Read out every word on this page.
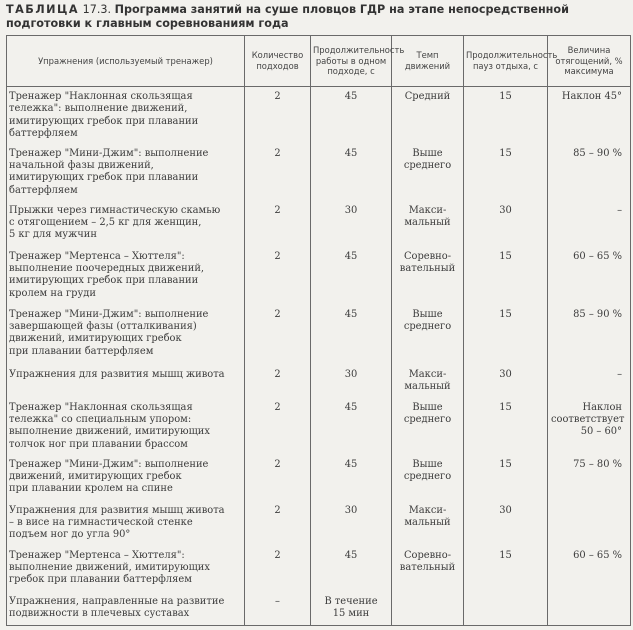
ТАБЛИЦА 17.3. Программа занятий на суше пловцов ГДР на этапе непосредственной подготовки к главным соревнованиям года
Упражнения (используемый тренажер)	Количество подходов	Продолжительность работы в одном подходе, с	Темп движений	Продолжительность пауз отдыха, с	Величина отягощений, % максимума
Тренажер "Наклонная скользящая
тележка": выполнение движений,
имитирующих гребок при плавании
баттерфляем	2	45	Средний	15	Наклон 45°
Тренажер "Мини-Джим": выполнение
начальной фазы движений,
имитирующих гребок при плавании
баттерфляем	2	45	Выше
среднего	15	85 – 90 %
Прыжки через гимнастическую скамью
с отягощением – 2,5 кг для женщин,
5 кг для мужчин	2	30	Макси-
мальный	30	–
Тренажер "Мертенса – Хюттеля":
выполнение поочередных движений,
имитирующих гребок при плавании
кролем на груди	2	45	Соревно-
вательный	15	60 – 65 %
Тренажер "Мини-Джим": выполнение
завершающей фазы (отталкивания)
движений, имитирующих гребок
при плавании баттерфляем	2	45	Выше
среднего	15	85 – 90 %
Упражнения для развития мышц живота	2	30	Макси-
мальный	30	–
Тренажер "Наклонная скользящая
тележка" со специальным упором:
выполнение движений, имитирующих
толчок ног при плавании брассом	2	45	Выше
среднего	15	Наклон
соответствует
50 – 60°
Тренажер "Мини-Джим": выполнение
движений, имитирующих гребок
при плавании кролем на спине	2	45	Выше
среднего	15	75 – 80 %
Упражнения для развития мышц живота
– в висе на гимнастической стенке
подъем ног до угла 90°	2	30	Макси-
мальный	30	
Тренажер "Мертенса – Хюттеля":
выполнение движений, имитирующих
гребок при плавании баттерфляем	2	45	Соревно-
вательный	15	60 – 65 %
Упражнения, направленные на развитие
подвижности в плечевых суставах	–	В течение
15 мин			
